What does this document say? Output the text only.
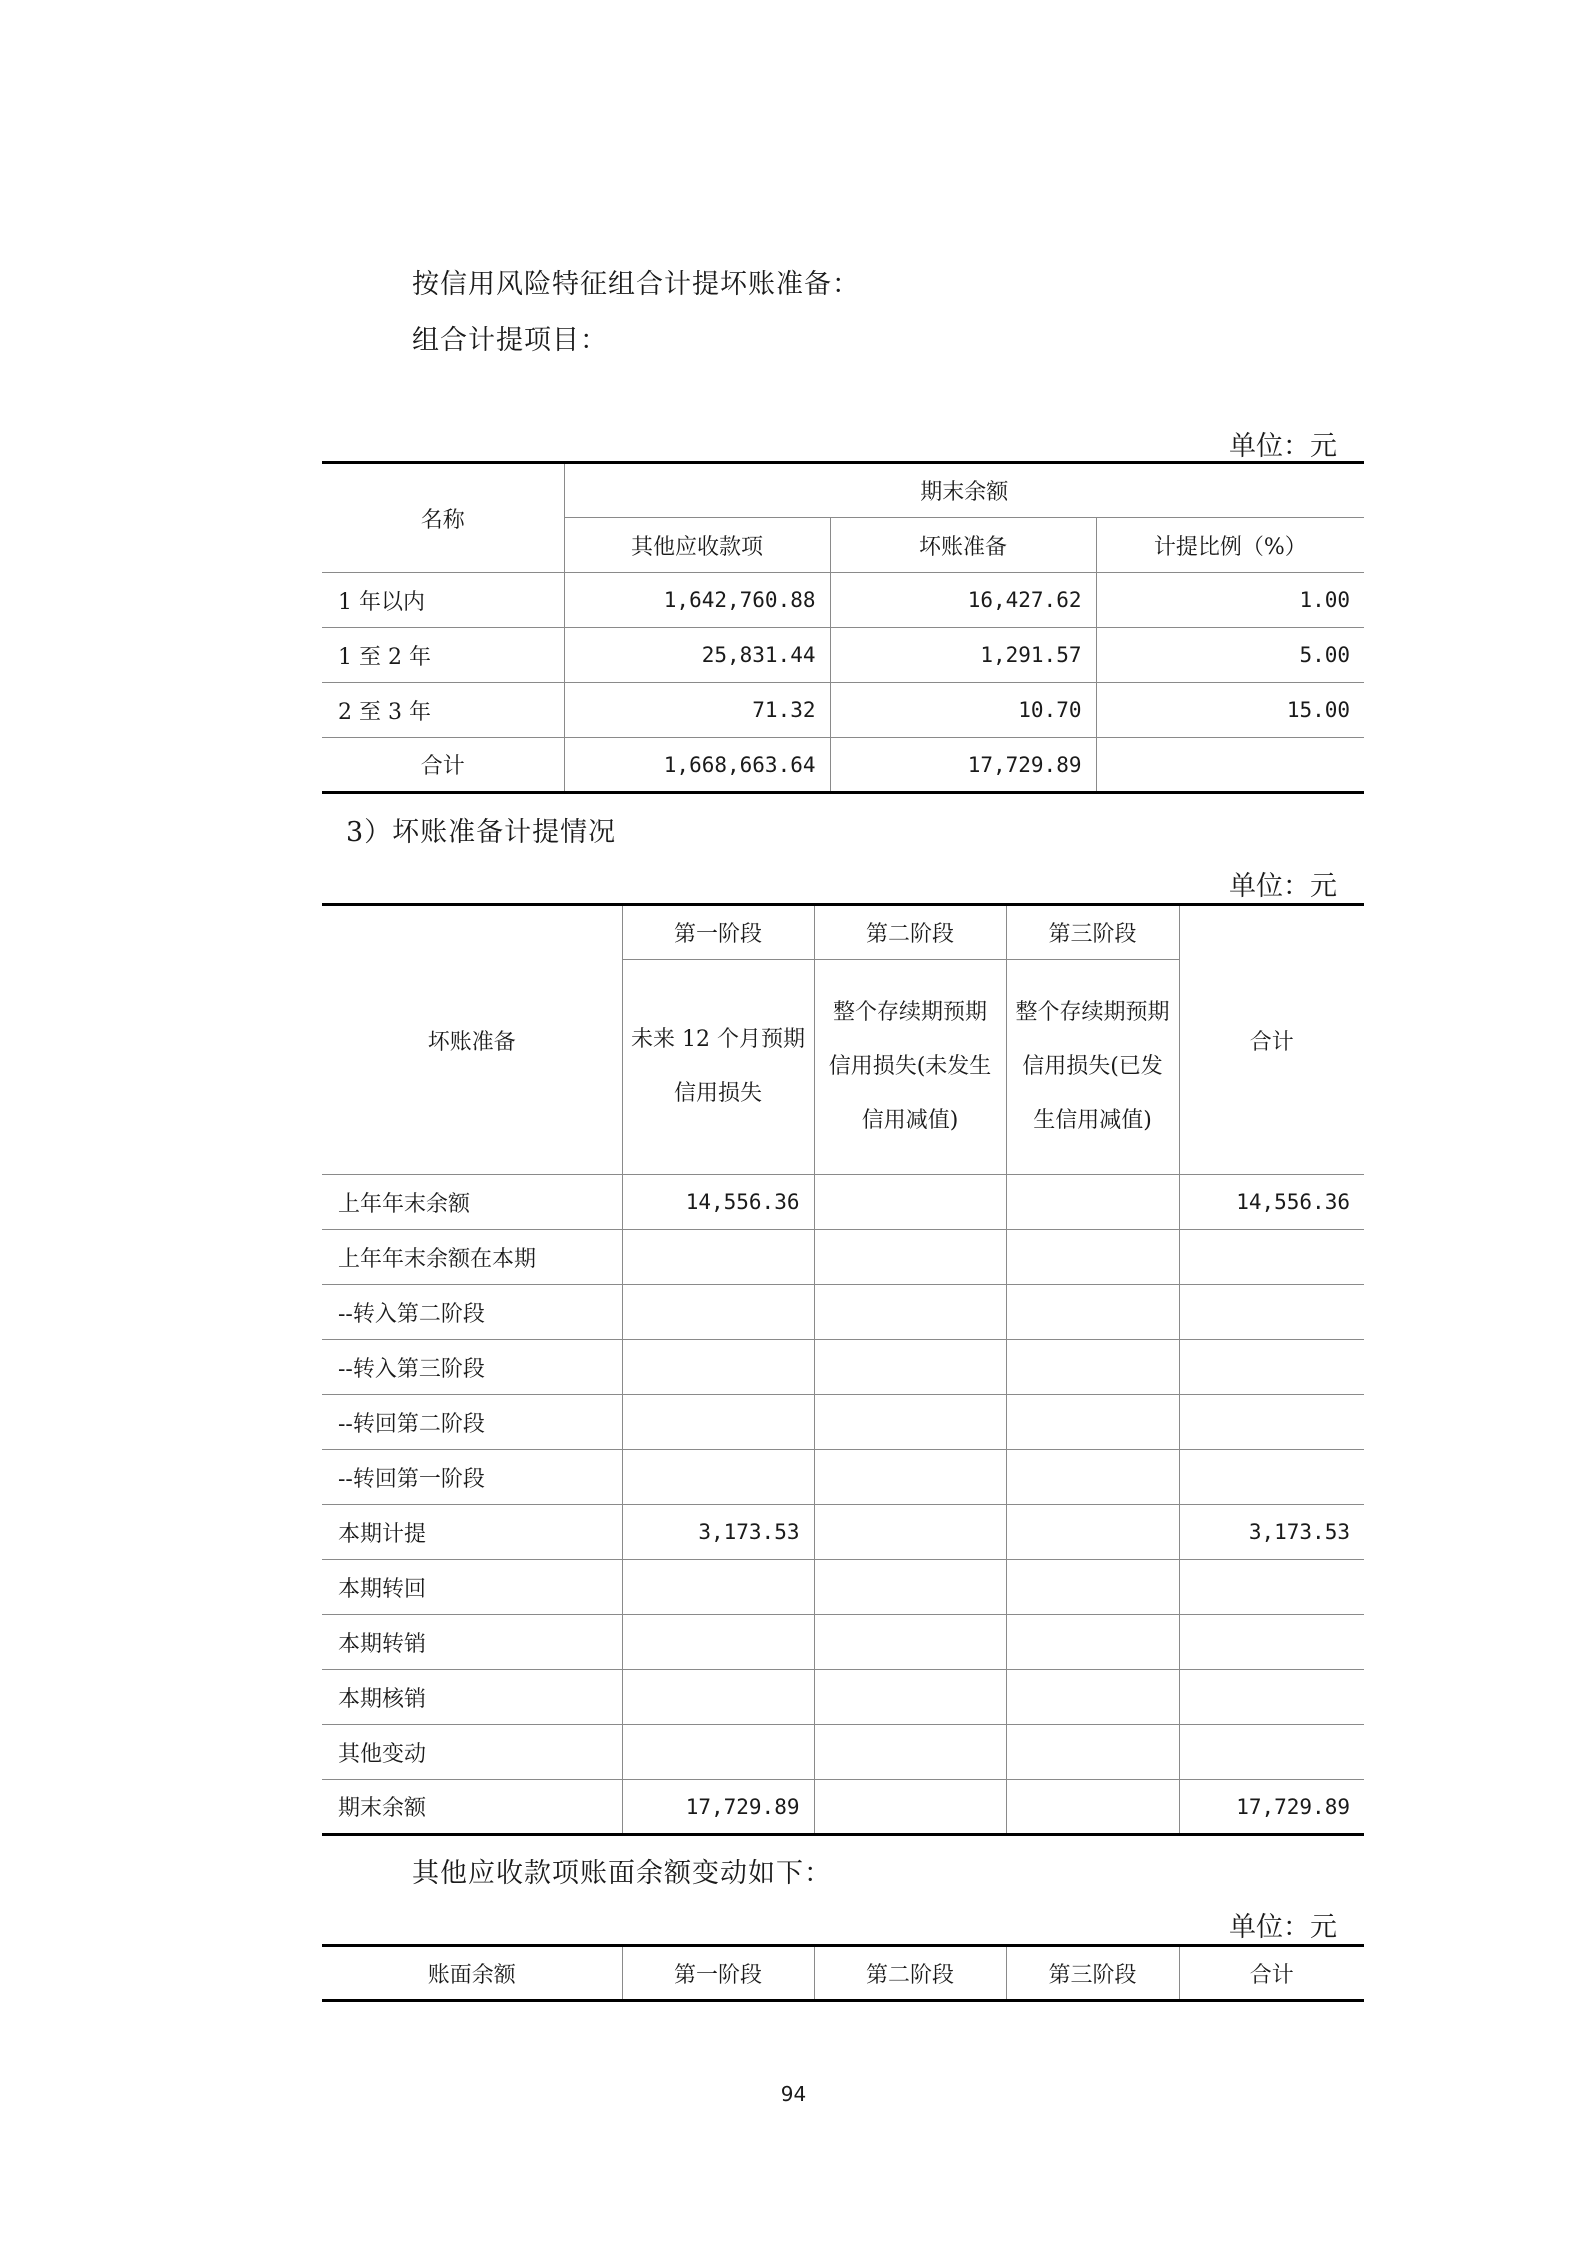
按信用风险特征组合计提坏账准备：
组合计提项目：
单位：元
名称	期末余额		
	其他应收款项	坏账准备	计提比例（%）
1 年以内	1,642,760.88	16,427.62	1.00
1 至 2 年	25,831.44	1,291.57	5.00
2 至 3 年	71.32	10.70	15.00
合计	1,668,663.64	17,729.89	
3）坏账准备计提情况
单位：元
坏账准备	第一阶段	第二阶段	第三阶段	合计
	未来 12 个月预期信用损失	整个存续期预期信用损失(未发生信用减值)	整个存续期预期信用损失(已发生信用减值)	
上年年末余额	14,556.36			14,556.36
上年年末余额在本期				
--转入第二阶段				
--转入第三阶段				
--转回第二阶段				
--转回第一阶段				
本期计提	3,173.53			3,173.53
本期转回				
本期转销				
本期核销				
其他变动				
期末余额	17,729.89			17,729.89
其他应收款项账面余额变动如下：
单位：元
账面余额	第一阶段	第二阶段	第三阶段	合计
94
